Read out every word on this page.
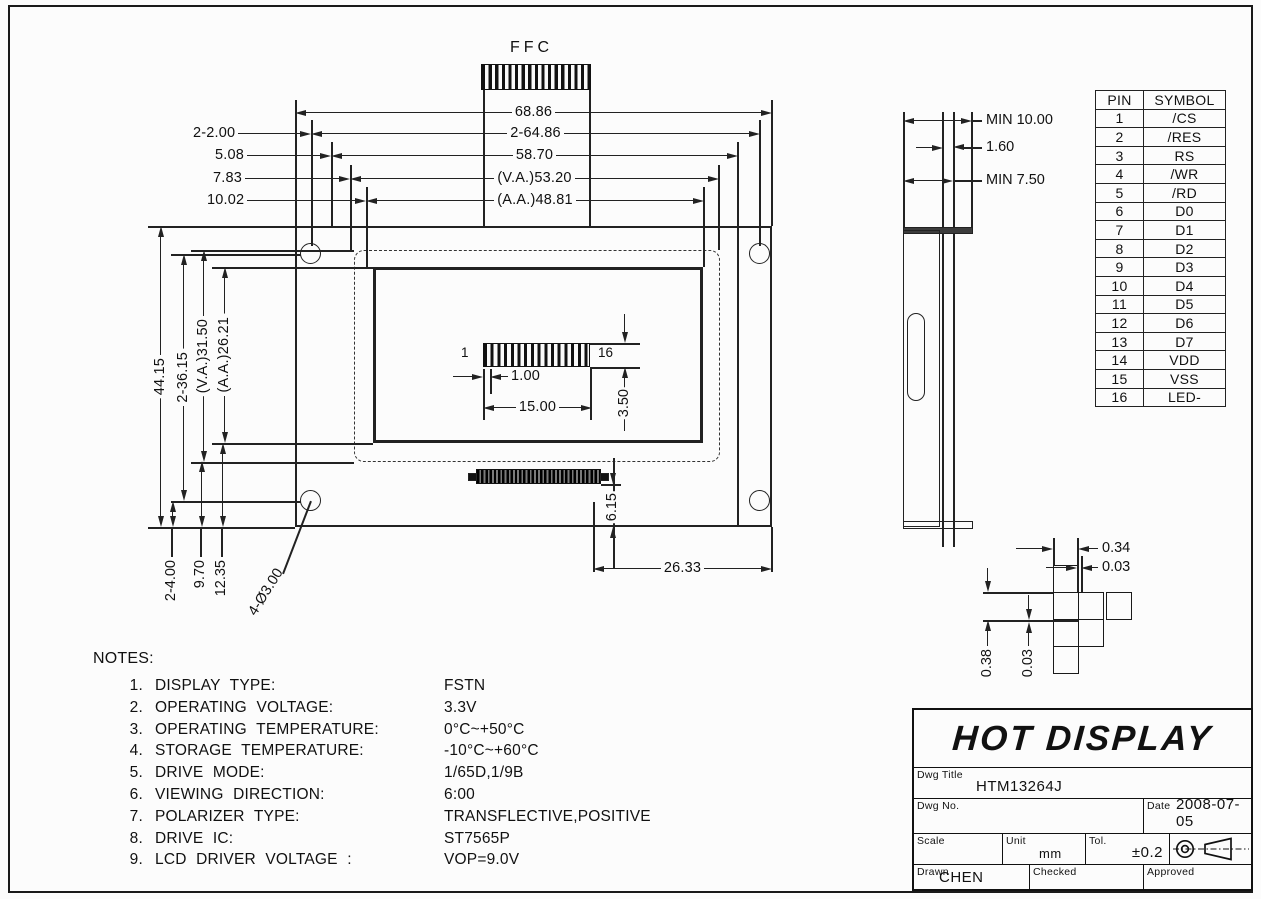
FFC
68.86
2-64.86
58.70
(V.A.)53.20
(A.A.)48.81
2-2.00
5.08
7.83
10.02
44.15 2-36.15 (V.A.)31.50 (A.A.)26.21
2-4.00 9.70 12.35 4-Ø3.00
1	16
3.50
1.00
15.00
6.15
26.33
MIN 10.00
1.60
MIN 7.50
PIN	SYMBOL
1	/CS
2	/RES
3	RS
4	/WR
5	/RD
6	D0
7	D1
8	D2
9	D3
10	D4
11	D5
12	D6
13	D7
14	VDD
15	VSS
16	LED-
0.38 0.03
0.34
0.03
NOTES:
1. DISPLAY TYPE:	FSTN
2. OPERATING VOLTAGE:	3.3V
3. OPERATING TEMPERATURE:	0°C~+50°C
4. STORAGE TEMPERATURE:	-10°C~+60°C
5. DRIVE MODE:	1/65D,1/9B
6. VIEWING DIRECTION:	6:00
7. POLARIZER TYPE:	TRANSFLECTIVE,POSITIVE
8. DRIVE IC:	ST7565P
9. LCD DRIVER VOLTAGE :	VOP=9.0V
HOT DISPLAY
Dwg Title
HTM13264J
Dwg No.	Date 2008-07-05
Scale	Unit
mm
Tol.
±0.2
Drawn
CHEN	Checked	Approved
